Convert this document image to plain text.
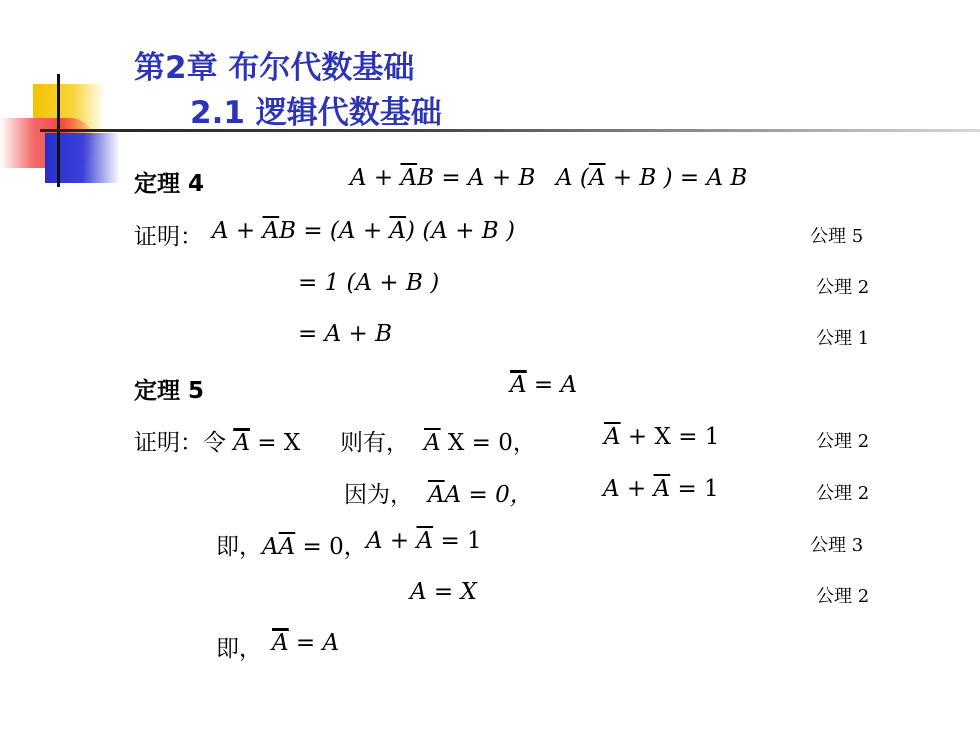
第2章 布尔代数基础
2.1 逻辑代数基础
定理 4	$A + \overline{A}B = A + B$ A ($\overline{A} + B$ ) = A B
证明： $A + \overline{A}B = (A + \overline{A}) (A + B$ )	公理 5
= 1 (A + B )	公理 2
= A + B	公理 1
定理 5	$\overline{A} = A$
证明：令 $\overline{A} = X$ 则有， $\overline{A}$ X = 0，	$\overline{A} + X = 1$	公理 2
因为， $\overline{A}A = 0$，	$A + \overline{A} = 1$	公理 2
即，$A\overline{A} = 0$， $A + \overline{A} = 1$	公理 3
A = X	公理 2
即， $\overline{A} = A$
